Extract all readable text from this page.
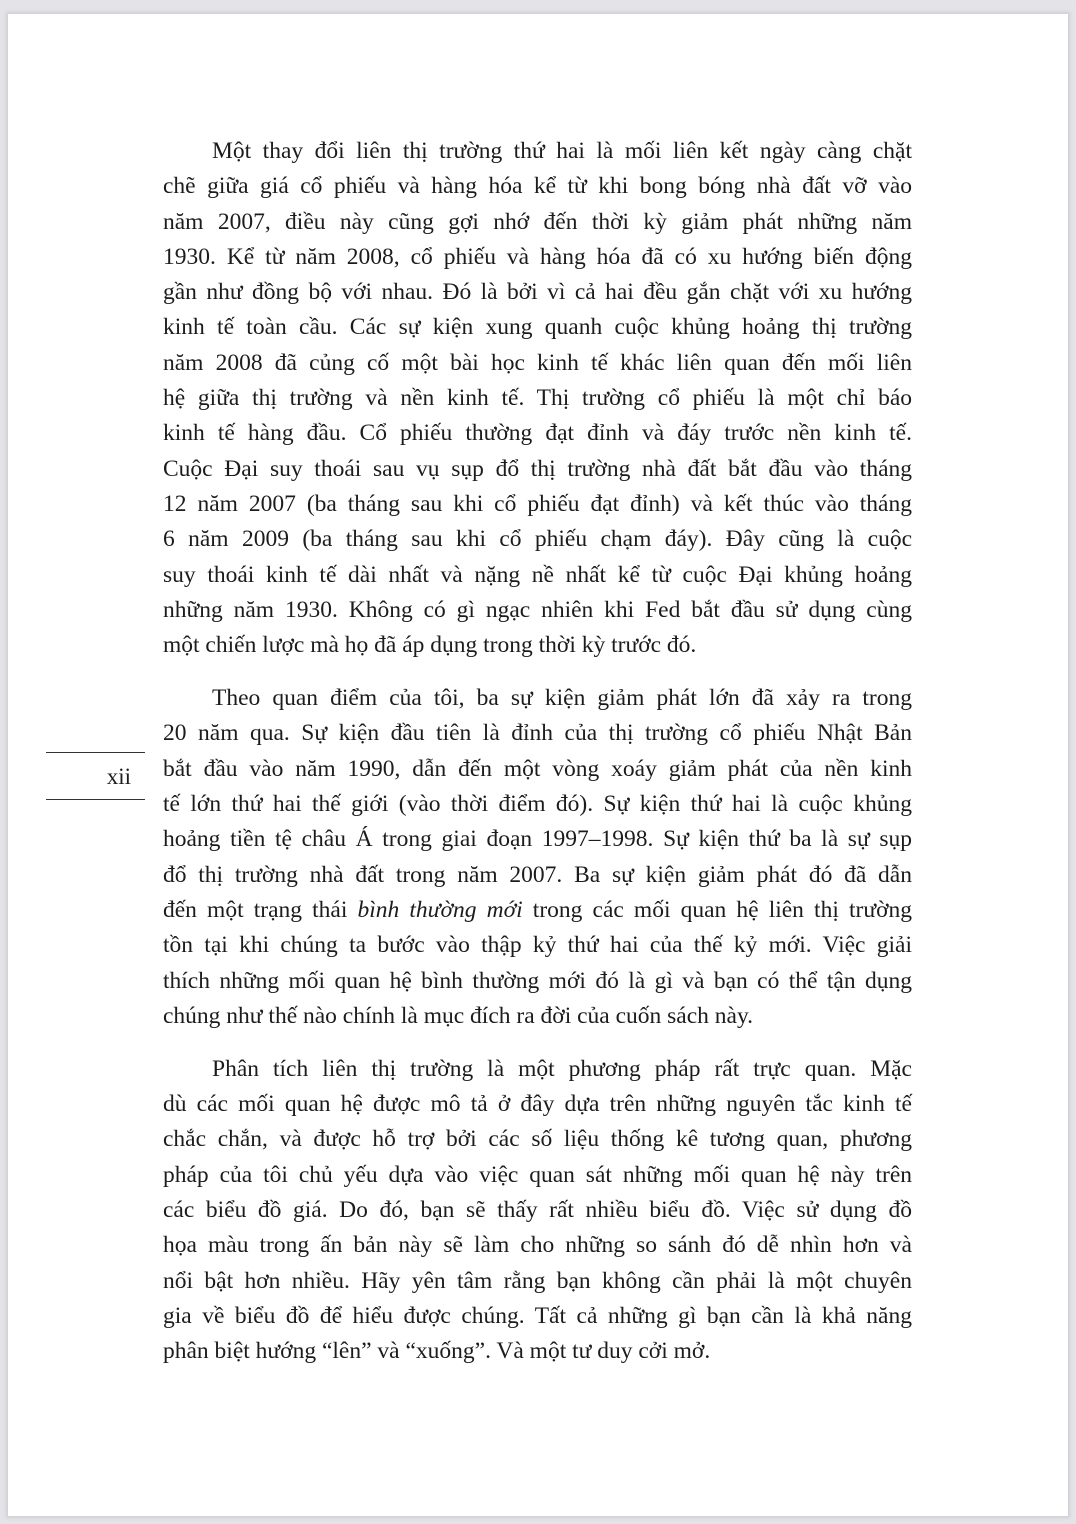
xii
Một thay đổi liên thị trường thứ hai là mối liên kết ngày càng chặt
chẽ giữa giá cổ phiếu và hàng hóa kể từ khi bong bóng nhà đất vỡ vào
năm 2007, điều này cũng gợi nhớ đến thời kỳ giảm phát những năm
1930. Kể từ năm 2008, cổ phiếu và hàng hóa đã có xu hướng biến động
gần như đồng bộ với nhau. Đó là bởi vì cả hai đều gắn chặt với xu hướng
kinh tế toàn cầu. Các sự kiện xung quanh cuộc khủng hoảng thị trường
năm 2008 đã củng cố một bài học kinh tế khác liên quan đến mối liên
hệ giữa thị trường và nền kinh tế. Thị trường cổ phiếu là một chỉ báo
kinh tế hàng đầu. Cổ phiếu thường đạt đỉnh và đáy trước nền kinh tế.
Cuộc Đại suy thoái sau vụ sụp đổ thị trường nhà đất bắt đầu vào tháng
12 năm 2007 (ba tháng sau khi cổ phiếu đạt đỉnh) và kết thúc vào tháng
6 năm 2009 (ba tháng sau khi cổ phiếu chạm đáy). Đây cũng là cuộc
suy thoái kinh tế dài nhất và nặng nề nhất kể từ cuộc Đại khủng hoảng
những năm 1930. Không có gì ngạc nhiên khi Fed bắt đầu sử dụng cùng
một chiến lược mà họ đã áp dụng trong thời kỳ trước đó.
Theo quan điểm của tôi, ba sự kiện giảm phát lớn đã xảy ra trong
20 năm qua. Sự kiện đầu tiên là đỉnh của thị trường cổ phiếu Nhật Bản
bắt đầu vào năm 1990, dẫn đến một vòng xoáy giảm phát của nền kinh
tế lớn thứ hai thế giới (vào thời điểm đó). Sự kiện thứ hai là cuộc khủng
hoảng tiền tệ châu Á trong giai đoạn 1997–1998. Sự kiện thứ ba là sự sụp
đổ thị trường nhà đất trong năm 2007. Ba sự kiện giảm phát đó đã dẫn
đến một trạng thái bình thường mới trong các mối quan hệ liên thị trường
tồn tại khi chúng ta bước vào thập kỷ thứ hai của thế kỷ mới. Việc giải
thích những mối quan hệ bình thường mới đó là gì và bạn có thể tận dụng
chúng như thế nào chính là mục đích ra đời của cuốn sách này.
Phân tích liên thị trường là một phương pháp rất trực quan. Mặc
dù các mối quan hệ được mô tả ở đây dựa trên những nguyên tắc kinh tế
chắc chắn, và được hỗ trợ bởi các số liệu thống kê tương quan, phương
pháp của tôi chủ yếu dựa vào việc quan sát những mối quan hệ này trên
các biểu đồ giá. Do đó, bạn sẽ thấy rất nhiều biểu đồ. Việc sử dụng đồ
họa màu trong ấn bản này sẽ làm cho những so sánh đó dễ nhìn hơn và
nổi bật hơn nhiều. Hãy yên tâm rằng bạn không cần phải là một chuyên
gia về biểu đồ để hiểu được chúng. Tất cả những gì bạn cần là khả năng
phân biệt hướng “lên” và “xuống”. Và một tư duy cởi mở.
